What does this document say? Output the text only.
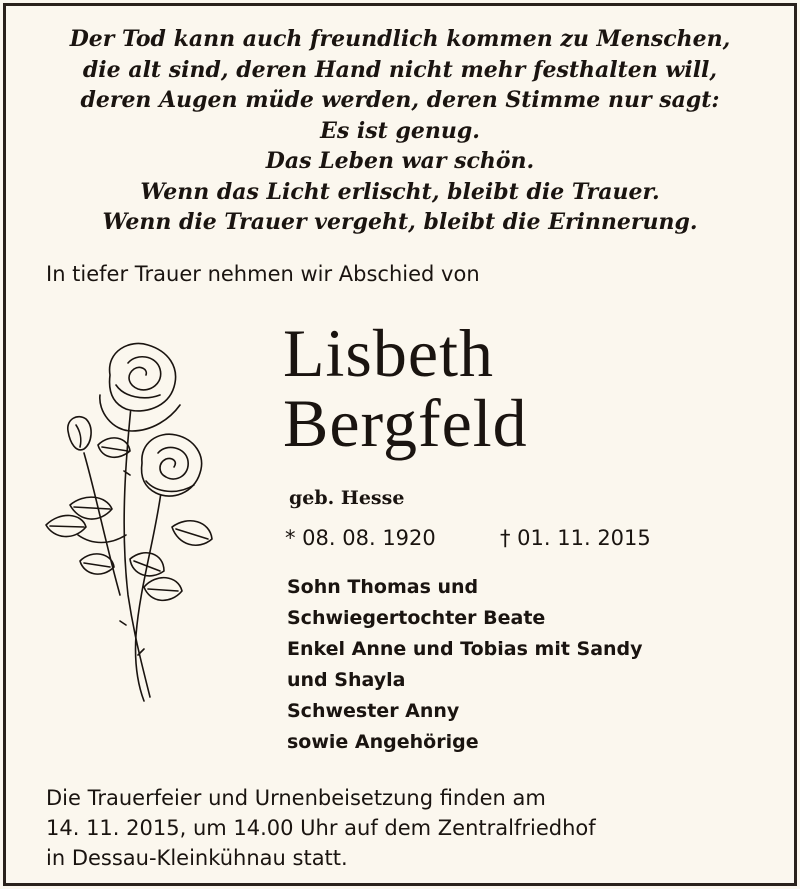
Der Tod kann auch freundlich kommen zu Menschen,
die alt sind, deren Hand nicht mehr festhalten will,
deren Augen müde werden, deren Stimme nur sagt:
Es ist genug.
Das Leben war schön.
Wenn das Licht erlischt, bleibt die Trauer.
Wenn die Trauer vergeht, bleibt die Erinnerung.
In tiefer Trauer nehmen wir Abschied von
Lisbeth
Bergfeld
geb. Hesse
* 08. 08. 1920	† 01. 11. 2015
Sohn Thomas und
Schwiegertochter Beate
Enkel Anne und Tobias mit Sandy
und Shayla
Schwester Anny
sowie Angehörige
Die Trauerfeier und Urnenbeisetzung finden am
14. 11. 2015, um 14.00 Uhr auf dem Zentralfriedhof
in Dessau-Kleinkühnau statt.
